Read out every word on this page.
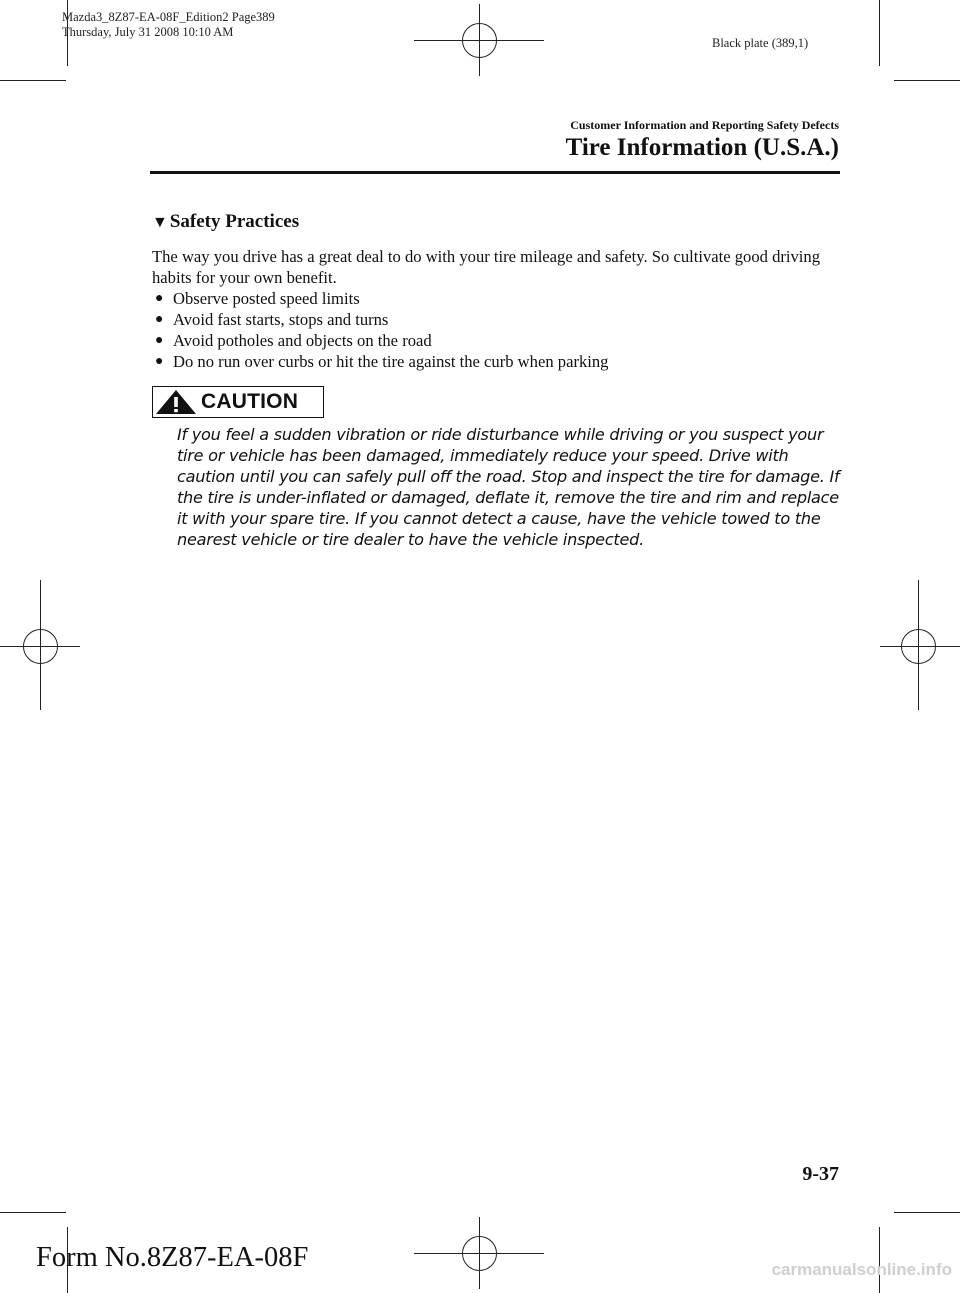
Mazda3_8Z87-EA-08F_Edition2 Page389
Thursday, July 31 2008 10:10 AM
Black plate (389,1)
Customer Information and Reporting Safety Defects
Tire Information (U.S.A.)
▼ Safety Practices
The way you drive has a great deal to do with your tire mileage and safety. So cultivate good driving habits for your own benefit.
● Observe posted speed limits
● Avoid fast starts, stops and turns
● Avoid potholes and objects on the road
● Do no run over curbs or hit the tire against the curb when parking
CAUTION
If you feel a sudden vibration or ride disturbance while driving or you suspect your tire or vehicle has been damaged, immediately reduce your speed. Drive with caution until you can safely pull off the road. Stop and inspect the tire for damage. If the tire is under-inflated or damaged, deflate it, remove the tire and rim and replace it with your spare tire. If you cannot detect a cause, have the vehicle towed to the nearest vehicle or tire dealer to have the vehicle inspected.
9-37
Form No.8Z87-EA-08F	carmanualsonline.info
